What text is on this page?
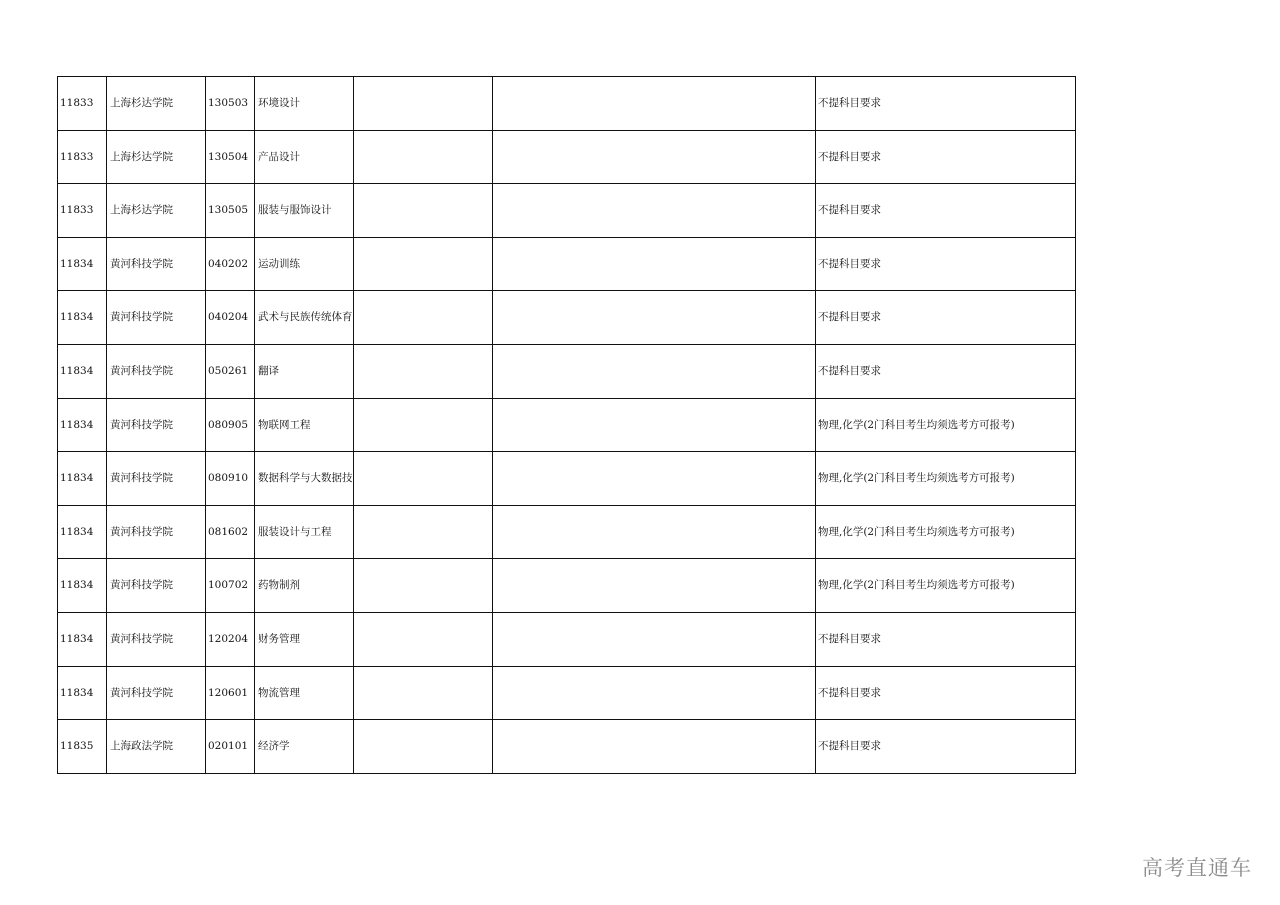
11833	上海杉达学院	130503	环境设计			不提科目要求
11833	上海杉达学院	130504	产品设计			不提科目要求
11833	上海杉达学院	130505	服装与服饰设计			不提科目要求
11834	黄河科技学院	040202	运动训练			不提科目要求
11834	黄河科技学院	040204	武术与民族传统体育			不提科目要求
11834	黄河科技学院	050261	翻译			不提科目要求
11834	黄河科技学院	080905	物联网工程			物理,化学(2门科目考生均须选考方可报考)
11834	黄河科技学院	080910	数据科学与大数据技			物理,化学(2门科目考生均须选考方可报考)
11834	黄河科技学院	081602	服装设计与工程			物理,化学(2门科目考生均须选考方可报考)
11834	黄河科技学院	100702	药物制剂			物理,化学(2门科目考生均须选考方可报考)
11834	黄河科技学院	120204	财务管理			不提科目要求
11834	黄河科技学院	120601	物流管理			不提科目要求
11835	上海政法学院	020101	经济学			不提科目要求
高考直通车
